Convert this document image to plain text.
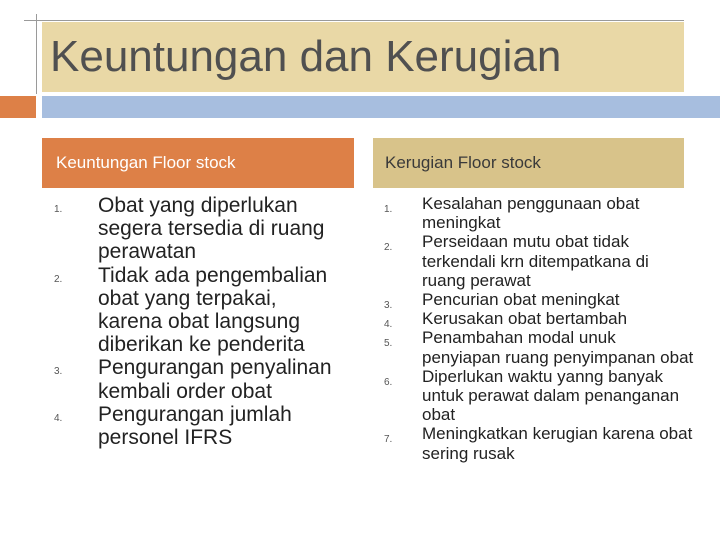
Keuntungan dan Kerugian
Keuntungan Floor stock	Kerugian Floor stock
1. Obat yang diperlukan segera tersedia di ruang perawatan
2. Tidak ada pengembalian obat yang terpakai, karena obat langsung diberikan ke penderita
3. Pengurangan penyalinan kembali order obat
4. Pengurangan jumlah personel IFRS
1. Kesalahan penggunaan obat meningkat
2. Perseidaan mutu obat tidak terkendali krn ditempatkana di ruang perawat
3. Pencurian obat meningkat
4. Kerusakan obat bertambah
5. Penambahan modal unuk penyiapan ruang penyimpanan obat
6. Diperlukan waktu yanng banyak untuk perawat dalam penanganan obat
7. Meningkatkan kerugian karena obat sering rusak
